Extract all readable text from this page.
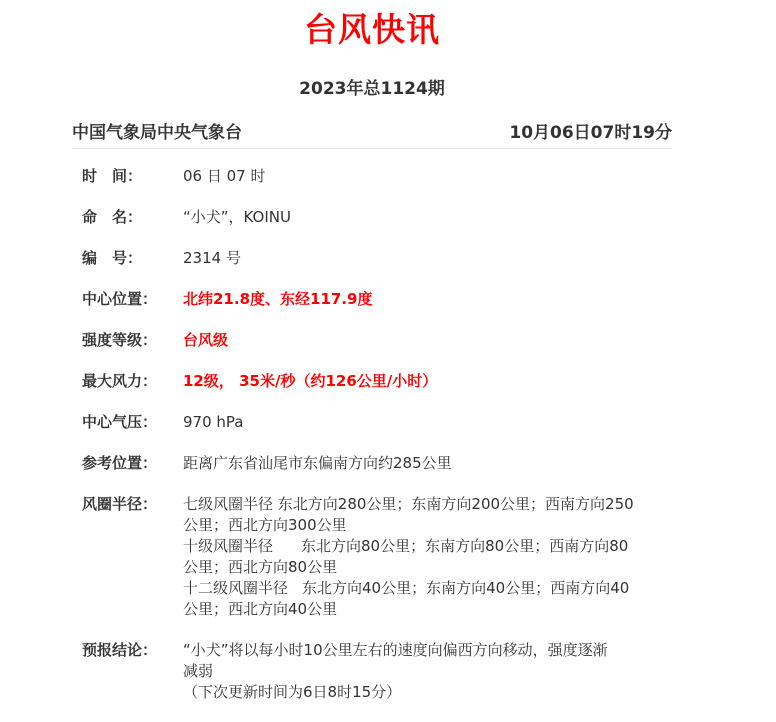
台风快讯
2023年总1124期
中国气象局中央气象台	10月06日07时19分
时　间：	06 日 07 时
命　名：	“小犬”，KOINU
编　号：	2314 号
中心位置：	北纬21.8度、东经117.9度
强度等级：	台风级
最大风力：	12级， 35米/秒（约126公里/小时）
中心气压：	970 hPa
参考位置：	距离广东省汕尾市东偏南方向约285公里
风圈半径：	七级风圈半径 东北方向280公里；东南方向200公里；西南方向250
公里；西北方向300公里
十级风圈半径 东北方向80公里；东南方向80公里；西南方向80
公里；西北方向80公里
十二级风圈半径 东北方向40公里；东南方向40公里；西南方向40
公里；西北方向40公里
预报结论：	“小犬”将以每小时10公里左右的速度向偏西方向移动，强度逐渐
减弱
（下次更新时间为6日8时15分）
